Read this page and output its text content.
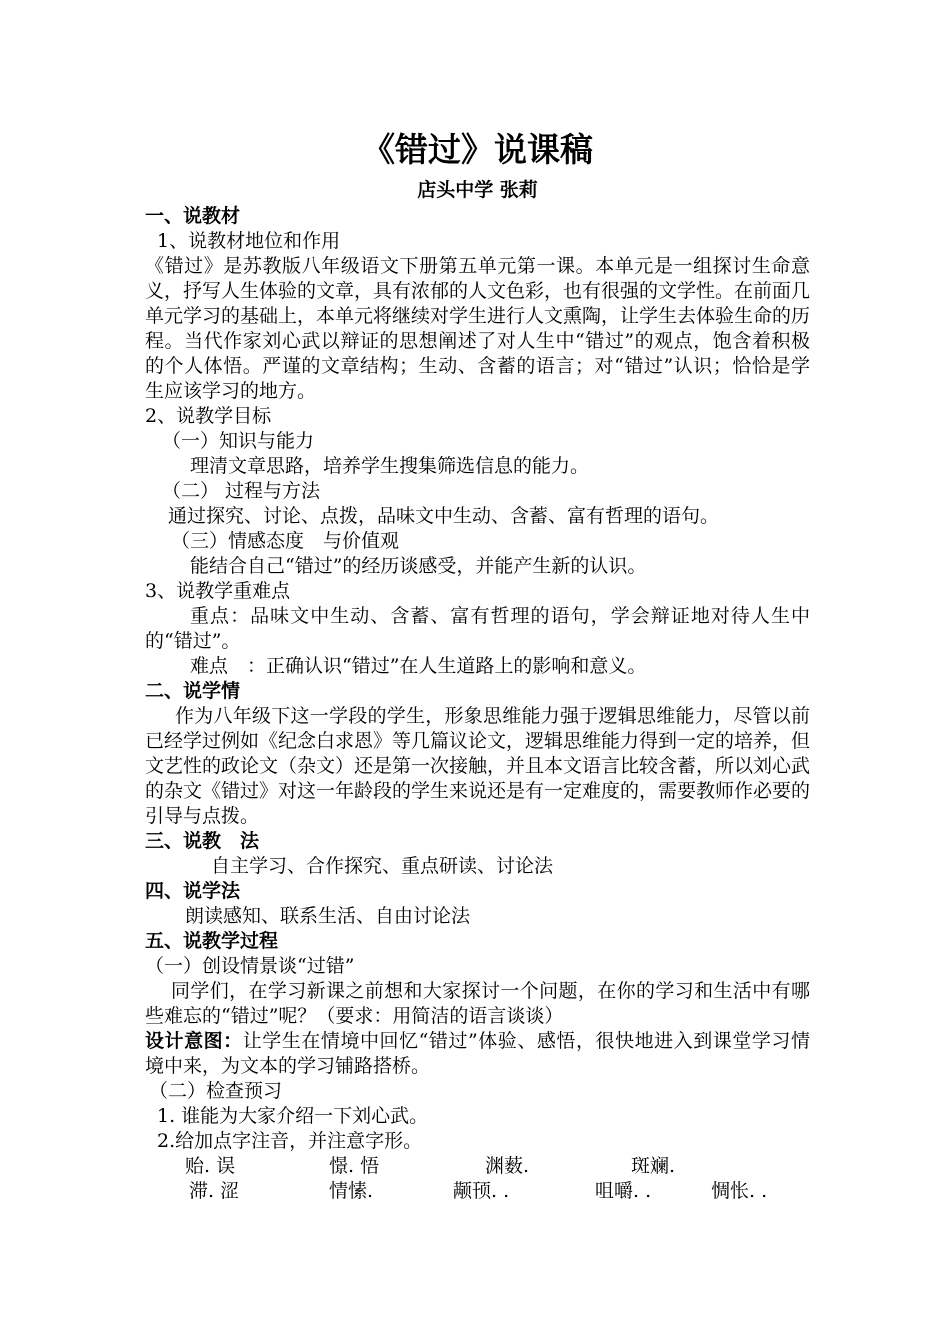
《错过》说课稿
店头中学 张莉
一、说教材
1、说教材地位和作用
《错过》是苏教版八年级语文下册第五单元第一课。本单元是一组探讨生命意义，抒写人生体验的文章，具有浓郁的人文色彩，也有很强的文学性。在前面几单元学习的基础上，本单元将继续对学生进行人文熏陶，让学生去体验生命的历程。当代作家刘心武以辩证的思想阐述了对人生中“错过”的观点，饱含着积极的个人体悟。严谨的文章结构；生动、含蓄的语言；对“错过”认识；恰恰是学生应该学习的地方。
2、说教学目标
（一）知识与能力
理清文章思路，培养学生搜集筛选信息的能力。
（二） 过程与方法
通过探究、讨论、点拨，品味文中生动、含蓄、富有哲理的语句。
（三）情感态度　与价值观
能结合自己“错过”的经历谈感受，并能产生新的认识。
3、说教学重难点
重点：品味文中生动、含蓄、富有哲理的语句，学会辩证地对待人生中的“错过”。
难点　：正确认识“错过”在人生道路上的影响和意义。
二、说学情
作为八年级下这一学段的学生，形象思维能力强于逻辑思维能力，尽管以前已经学过例如《纪念白求恩》等几篇议论文，逻辑思维能力得到一定的培养，但文艺性的政论文（杂文）还是第一次接触，并且本文语言比较含蓄，所以刘心武的杂文《错过》对这一年龄段的学生来说还是有一定难度的，需要教师作必要的引导与点拨。
三、说教　法
自主学习、合作探究、重点研读、讨论法
四、说学法
朗读感知、联系生活、自由讨论法
五、说教学过程
（一）创设情景谈“过错”
同学们，在学习新课之前想和大家探讨一个问题，在你的学习和生活中有哪些难忘的“错过”呢？（要求：用简洁的语言谈谈）
设计意图：让学生在情境中回忆“错过”体验、感悟，很快地进入到课堂学习情境中来，为文本的学习铺路搭桥。
（二）检查预习
1. 谁能为大家介绍一下刘心武。
2.给加点字注音，并注意字形。
贻. 误	憬. 悟	渊薮.	斑斓.
滞. 涩	情愫.	颟顸. .	咀嚼. .	惆怅. .
